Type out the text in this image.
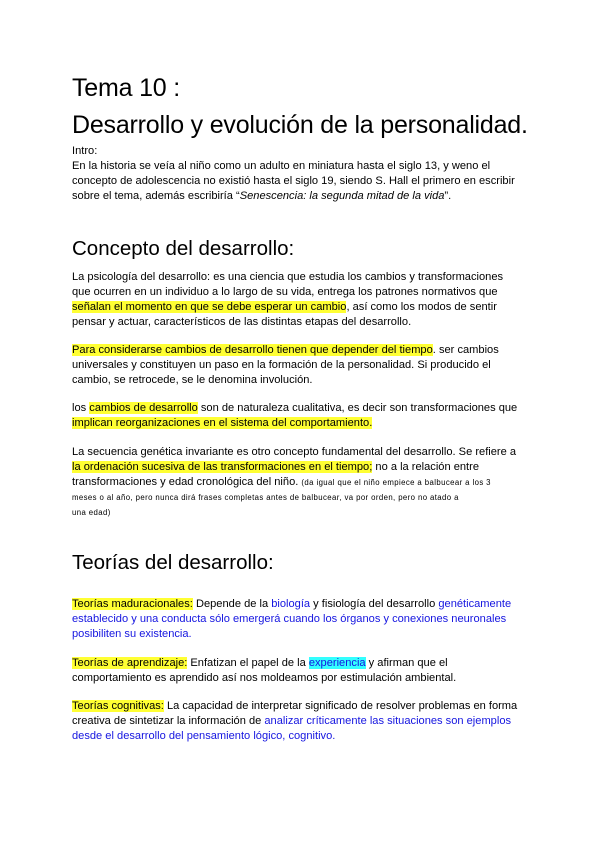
Tema 10 :
Desarrollo y evolución de la personalidad.
Intro:
En la historia se veía al niño como un adulto en miniatura hasta el siglo 13, y weno el
concepto de adolescencia no existió hasta el siglo 19, siendo S. Hall el primero en escribir
sobre el tema, además escribiría “Senescencia: la segunda mitad de la vida”.
Concepto del desarrollo:
La psicología del desarrollo: es una ciencia que estudia los cambios y transformaciones
que ocurren en un individuo a lo largo de su vida, entrega los patrones normativos que
señalan el momento en que se debe esperar un cambio, así como los modos de sentir
pensar y actuar, característicos de las distintas etapas del desarrollo.
Para considerarse cambios de desarrollo tienen que depender del tiempo. ser cambios
universales y constituyen un paso en la formación de la personalidad. Si producido el
cambio, se retrocede, se le denomina involución.
los cambios de desarrollo son de naturaleza cualitativa, es decir son transformaciones que
implican reorganizaciones en el sistema del comportamiento.
La secuencia genética invariante es otro concepto fundamental del desarrollo. Se refiere a
la ordenación sucesiva de las transformaciones en el tiempo; no a la relación entre
transformaciones y edad cronológica del niño. (da igual que el niño empiece a balbucear a los 3
meses o al año, pero nunca dirá frases completas antes de balbucear, va por orden, pero no atado a
una edad)
Teorías del desarrollo:
Teorías maduracionales: Depende de la biología y fisiología del desarrollo genéticamente
establecido y una conducta sólo emergerá cuando los órganos y conexiones neuronales
posibiliten su existencia.
Teorías de aprendizaje: Enfatizan el papel de la experiencia y afirman que el
comportamiento es aprendido así nos moldeamos por estimulación ambiental.
Teorías cognitivas: La capacidad de interpretar significado de resolver problemas en forma
creativa de sintetizar la información de analizar críticamente las situaciones son ejemplos
desde el desarrollo del pensamiento lógico, cognitivo.
